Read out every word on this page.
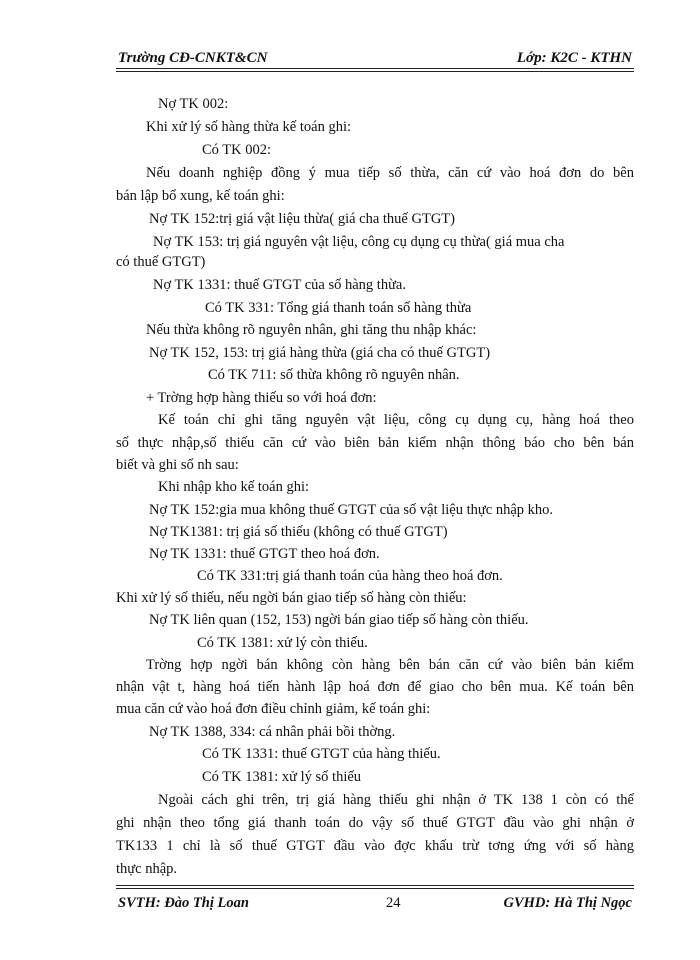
Trường CĐ-CNKT&CN	Lớp: K2C - KTHN
Nợ TK 002:
Khi xử lý số hàng thừa kế toán ghi:
Có TK 002:
Nếu doanh nghiệp đồng ý mua tiếp số thừa, căn cứ vào hoá đơn do bên
bán lập bổ xung, kế toán ghi:
Nợ TK 152:trị giá vật liệu thừa( giá cha thuế GTGT)
Nợ TK 153: trị giá nguyên vật liệu, công cụ dụng cụ thừa( giá mua cha
có thuế GTGT)
Nợ TK 1331: thuế GTGT của số hàng thừa.
Có TK 331: Tổng giá thanh toán số hàng thừa
Nếu thừa không rõ nguyên nhân, ghi tăng thu nhập khác:
Nợ TK 152, 153: trị giá hàng thừa (giá cha có thuế GTGT)
Có TK 711: số thừa không rõ nguyên nhân.
+ Trờng hợp hàng thiếu so với hoá đơn:
Kế toán chỉ ghi tăng nguyên vật liệu, công cụ dụng cụ, hàng hoá theo
số thực nhập,số thiếu căn cứ vào biên bản kiểm nhận thông báo cho bên bán
biết và ghi sổ nh sau:
Khi nhập kho kế toán ghi:
Nợ TK 152:gia mua không thuế GTGT của số vật liệu thực nhập kho.
Nợ TK1381: trị giá số thiếu (không có thuế GTGT)
Nợ TK 1331: thuế GTGT theo hoá đơn.
Có TK 331:trị giá thanh toán của hàng theo hoá đơn.
Khi xử lý số thiếu, nếu ngời bán giao tiếp số hàng còn thiếu:
Nợ TK liên quan (152, 153) ngời bán giao tiếp số hàng còn thiếu.
Có TK 1381: xử lý còn thiếu.
Trờng hợp ngời bán không còn hàng bên bán căn cứ vào biên bản kiểm
nhận vật t, hàng hoá tiến hành lập hoá đơn để giao cho bên mua. Kế toán bên
mua căn cứ vào hoá đơn điều chỉnh giảm, kế toán ghi:
Nợ TK 1388, 334: cá nhân phải bồi thờng.
Có TK 1331: thuế GTGT của hàng thiếu.
Có TK 1381: xử lý số thiếu
Ngoài cách ghi trên, trị giá hàng thiếu ghi nhận ở TK 138 1 còn có thể
ghi nhận theo tổng giá thanh toán do vậy số thuế GTGT đầu vào ghi nhận ở
TK133 1 chỉ là số thuế GTGT đầu vào đợc khấu trừ tơng ứng với số hàng
thực nhập.
SVTH: Đào Thị Loan	24	GVHD: Hà Thị Ngọc
